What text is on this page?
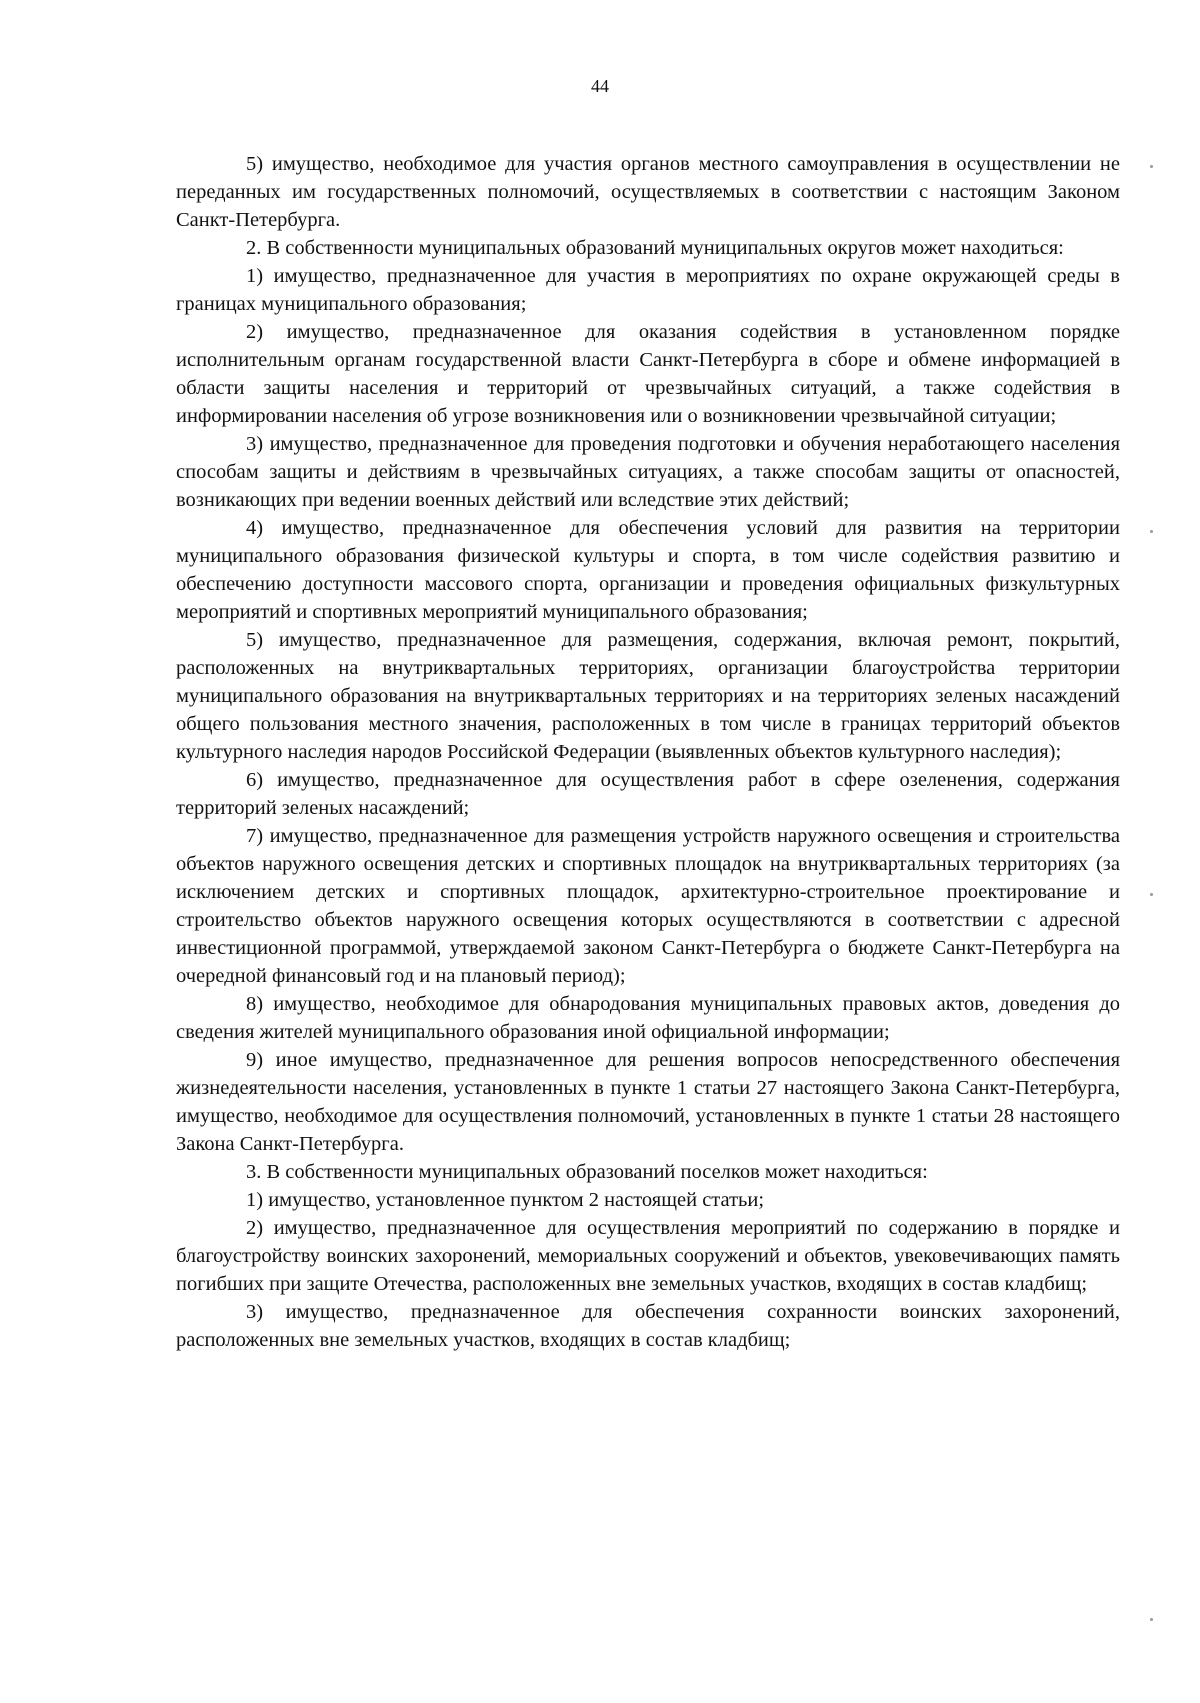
44

5) имущество, необходимое для участия органов местного самоуправления в осуществлении не переданных им государственных полномочий, осуществляемых в соответствии с настоящим Законом Санкт-Петербурга.

2. В собственности муниципальных образований муниципальных округов может находиться:

1) имущество, предназначенное для участия в мероприятиях по охране окружающей среды в границах муниципального образования;

2) имущество, предназначенное для оказания содействия в установленном порядке исполнительным органам государственной власти Санкт-Петербурга в сборе и обмене информацией в области защиты населения и территорий от чрезвычайных ситуаций, а также содействия в информировании населения об угрозе возникновения или о возникновении чрезвычайной ситуации;

3) имущество, предназначенное для проведения подготовки и обучения неработающего населения способам защиты и действиям в чрезвычайных ситуациях, а также способам защиты от опасностей, возникающих при ведении военных действий или вследствие этих действий;

4) имущество, предназначенное для обеспечения условий для развития на территории муниципального образования физической культуры и спорта, в том числе содействия развитию и обеспечению доступности массового спорта, организации и проведения официальных физкультурных мероприятий и спортивных мероприятий муниципального образования;

5) имущество, предназначенное для размещения, содержания, включая ремонт, покрытий, расположенных на внутриквартальных территориях, организации благоустройства территории муниципального образования на внутриквартальных территориях и на территориях зеленых насаждений общего пользования местного значения, расположенных в том числе в границах территорий объектов культурного наследия народов Российской Федерации (выявленных объектов культурного наследия);

6) имущество, предназначенное для осуществления работ в сфере озеленения, содержания территорий зеленых насаждений;

7) имущество, предназначенное для размещения устройств наружного освещения и строительства объектов наружного освещения детских и спортивных площадок на внутриквартальных территориях (за исключением детских и спортивных площадок, архитектурно-строительное проектирование и строительство объектов наружного освещения которых осуществляются в соответствии с адресной инвестиционной программой, утверждаемой законом Санкт-Петербурга о бюджете Санкт-Петербурга на очередной финансовый год и на плановый период);

8) имущество, необходимое для обнародования муниципальных правовых актов, доведения до сведения жителей муниципального образования иной официальной информации;

9) иное имущество, предназначенное для решения вопросов непосредственного обеспечения жизнедеятельности населения, установленных в пункте 1 статьи 27 настоящего Закона Санкт-Петербурга, имущество, необходимое для осуществления полномочий, установленных в пункте 1 статьи 28 настоящего Закона Санкт-Петербурга.

3. В собственности муниципальных образований поселков может находиться:

1) имущество, установленное пунктом 2 настоящей статьи;

2) имущество, предназначенное для осуществления мероприятий по содержанию в порядке и благоустройству воинских захоронений, мемориальных сооружений и объектов, увековечивающих память погибших при защите Отечества, расположенных вне земельных участков, входящих в состав кладбищ;

3) имущество, предназначенное для обеспечения сохранности воинских захоронений, расположенных вне земельных участков, входящих в состав кладбищ;
